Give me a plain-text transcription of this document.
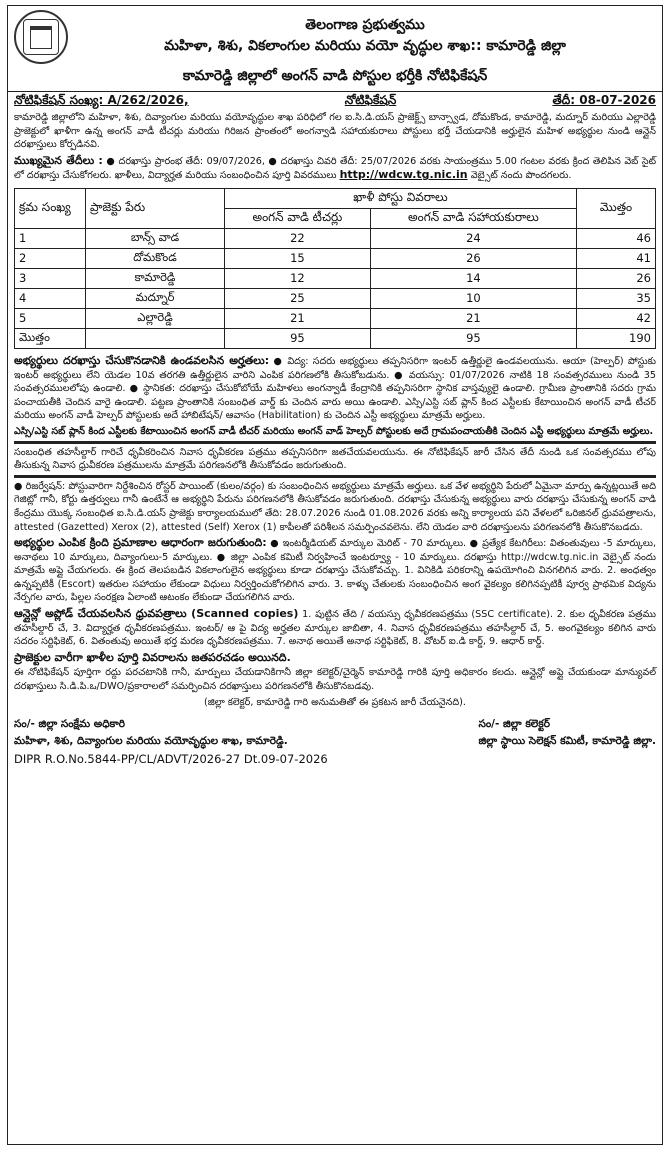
తెలంగాణ ప్రభుత్వము
మహిళా, శిశు, వికలాంగుల మరియు వయో వృద్ధుల శాఖ:: కామారెడ్డి జిల్లా
కామారెడ్డి జిల్లాలో అంగన్ వాడి పోస్టుల భర్తీకి నోటిఫికేషన్
నోటిఫికేషన్ సంఖ్య: A/262/2026,	నోటిఫికేషన్	తేదీ: 08-07-2026
కామారెడ్డి జిల్లాలోని మహిళా, శిశు, దివ్యాంగుల మరియు వయోవృద్ధుల శాఖ పరిధిలో గల ఐ.సి.డి.యస్ ప్రాజెక్ట్స్ బాన్స్వాడ, దోమకొండ, కామారెడ్డి, మద్నూర్ మరియు ఎల్లారెడ్డి ప్రాజెక్టులో ఖాళీగా ఉన్న అంగన్ వాడీ టీచర్లు మరియు గిరిజన ప్రాంతంలో అంగన్వాడి సహాయకురాలు పోస్టులు భర్తీ చేయడానికి అర్హులైన మహిళ అభ్యర్థుల నుండి ఆన్లైన్ దరఖాస్తులు కోర్పడినవి.
ముఖ్యమైన తేదీలు : ● దరఖాస్తు ప్రారంభ తేదీ: 09/07/2026, ● దరఖాస్తు చివరి తేదీ: 25/07/2026 వరకు సాయంత్రము 5.00 గంటల వరకు క్రింద తెలిపిన వెబ్ సైట్ లో దరఖాస్తు చేసుకోగలరు. ఖాళీలు, విద్యార్హత మరియు సంబంధించిన పూర్తి వివరములు http://wdcw.tg.nic.in వెబ్సైట్ నందు పొందగలరు.
క్రమ సంఖ్య	ప్రాజెక్టు పేరు	ఖాళీ పోస్టు వివరాలు		మొత్తం
		అంగన్ వాడి టీచర్లు	అంగన్ వాడి సహాయకురాలు	
1	బాన్స్ వాడ	22	24	46
2	దోమకొండ	15	26	41
3	కామారెడ్డి	12	14	26
4	మద్నూర్	25	10	35
5	ఎల్లారెడ్డి	21	21	42
మొత్తం		95	95	190
అభ్యర్థులు దరఖాస్తు చేసుకొనడానికి ఉండవలసిన అర్హతలు: ● విద్య: సదరు అభ్యర్థులు తప్పనిసరిగా ఇంటర్ ఉత్తీర్ణులై ఉండవలయును. ఆయా (హెల్పర్) పోస్టుకు ఇంటర్ అభ్యర్థులు లేని యెడల 10వ తరగతి ఉత్తీర్ణులైన వారిని ఎంపిక పరిగణలోకి తీసుకోబడును. ● వయస్సు: 01/07/2026 నాటికి 18 సంవత్సరములు నుండి 35 సంవత్సరములలోపు ఉండాలి. ● స్థానికత: దరఖాస్తు చేసుకోబోయే మహిళలు అంగన్వాడీ కేంద్రానికి తప్పనిసరిగా స్థానిక వాస్తవ్యులై ఉండాలి. గ్రామీణ ప్రాంతానికి సదరు గ్రామ పంచాయతీకి చెందిన వారై ఉండాలి. పట్టణ ప్రాంతానికి సంబంధిత వార్డ్ కు చెందిన వారు అయి ఉండాలి. ఎస్సి/ఎస్టి సబ్ ప్లాన్ కింద ఎస్టీలకు కేటాయించిన అంగన్ వాడీ టీచర్ మరియు అంగన్ వాడీ హెల్పర్ పోస్టులకు అదే హాబిటేషన్/ ఆవాసం (Habilitation) కు చెందిన ఎస్టీ అభ్యర్థులు మాత్రమే అర్హులు.
ఎస్సి/ఎస్టి సబ్ ప్లాన్ కింద ఎస్టీలకు కేటాయించిన అంగన్ వాడీ టీచర్ మరియు అంగన్ వాడ్ హెల్పర్ పోస్టులకు అదే గ్రామపంచాయతీకి చెందిన ఎస్టీ అభ్యర్థులు మాత్రమే అర్హులు.
సంబంధిత తహసీల్దార్ గారిచే ధృవీకరించిన నివాస ధృవీకరణ పత్రము తప్పనిసరిగా జతచేయవలయును. ఈ నోటిఫికేషన్ జారీ చేసిన తేదీ నుండి ఒక సంవత్సరము లోపు తీసుకున్న నివాస ధ్రువీకరణ పత్రములను మాత్రమే పరిగణనలోకి తీసుకోవడం జరుగుతుంది.
● రిజర్వేషన్: పోస్టువారిగా నిర్దేశించిన రోస్టర్ పాయింట్ (కులం/వర్గం) కు సంబంధించిన అభ్యర్థులు మాత్రమే అర్హులు. ఒక వేళ అభ్యర్థిని పేరులో ఏమైనా మార్పు ఉన్నట్లయితే అది గెజిట్లో గానీ, కోర్టు ఉత్తర్వులు గానీ ఉంటేనే ఆ అభ్యర్థిని పేరును పరిగణనలోకి తీసుకోవడం జరుగుతుంది. దరఖాస్తు చేసుకున్న అభ్యర్థులు వారు దరఖాస్తు చేసుకున్న అంగన్ వాడి కేంద్రము యొక్క సంబంధిత ఐ.సి.డి.యస్ ప్రాజెక్టు కార్యాలయములో తేది: 28.07.2026 నుండి 01.08.2026 వరకు అన్ని కార్యాలయ పని వేళలలో ఒరిజినల్ ధ్రువపత్రాలను, attested (Gazetted) Xerox (2), attested (Self) Xerox (1) కాపీలతో పరిశీలన సమర్పించవలెను. లేని యెడల వారి దరఖాస్తులను పరిగణనలోకి తీసుకొనబడదు.
అభ్యర్థుల ఎంపిక క్రింది ప్రమాణాల ఆధారంగా జరుగుతుంది: ● ఇంటర్మీడియట్ మార్కుల మెరిట్ - 70 మార్కులు. ● ప్రత్యేక కేటగిరీలు: వితంతువులు -5 మార్కులు, అనాథలు 10 మార్కులు, దివ్యాంగులు-5 మార్కులు. ● జిల్లా ఎంపిక కమిటీ నిర్వహించే ఇంటర్వ్యూ - 10 మార్కులు. దరఖాస్తు http://wdcw.tg.nic.in వెబ్సైట్ నందు మాత్రమే అప్లై చేయగలరు. ఈ క్రింద తెలపబడిన వికలాంగులైన అభ్యర్థులు కూడా దరఖాస్తు చేసుకోవచ్చు. 1. వినికిడి పరికరాన్ని ఉపయోగించి వినగలిగిన వారు. 2. అంధత్వం ఉన్నప్పటికీ (Escort) ఇతరుల సహాయం లేకుండా విధులు నిర్వర్తించుకోగలిగిన వారు. 3. కాళ్ళు చేతులకు సంబంధించిన అంగ వైకల్యం కలిగినప్పటికీ పూర్వ ప్రాథమిక విద్యను నేర్పగల వారు, పిల్లల సంరక్షణ ఏలాంటి ఆటంకం లేకుండా చేయగలిగిన వారు.
ఆన్లైన్లో అప్లోడ్ చేయవలసిన ధ్రువపత్రాలు (Scanned copies) 1. పుట్టిన తేది / వయస్సు ధృవీకరణపత్రము (SSC certificate). 2. కుల ధృవీకరణ పత్రము తహసీల్దార్ చే, 3. విద్యార్హత ధృవీకరణపత్రము. ఇంటర్/ ఆ పై విద్య అర్హతల మార్కుల జాబితా, 4. నివాస ధృవీకరణపత్రము తహసీల్దార్ చే, 5. అంగవైకల్యం కలిగిన వారు సదరం సర్టిఫికెట్, 6. వితంతువు అయితే భర్త మరణ ధృవీకరణపత్రము. 7. అనాథ అయితే అనాథ సర్టిఫికెట్, 8. వోటర్ ఐ.డి కార్డ్, 9. ఆధార్ కార్డ్.
ప్రాజెక్టుల వారీగా ఖాళీల పూర్తి వివరాలను జతపరచడం అయినది.
ఈ నోటిఫికేషన్ పూర్తిగా రద్దు పరచటానికి గానీ, మార్పులు చేయడానికిగానీ జిల్లా కలెక్టర్/చైర్మెన్ కామారెడ్డి గారికి పూర్తి అధికారం కలదు. ఆన్లైన్లో అప్లై చేయకుండా మాన్యువల్ దరఖాస్తులు సి.డి.పి.ఒ/DWO/ప్రకారాలలో సమర్పించిన దరఖాస్తులు పరిగణనలోకి తీసుకొనబడవు.
(జిల్లా కలెక్టర్, కామారెడ్డి గారి అనుమతితో ఈ ప్రకటన జారీ చేయనైనది).
సం/- జిల్లా సంక్షేమ అధికారి
మహిళా, శిశు, దివ్యాంగుల మరియు వయోవృద్ధుల శాఖ, కామారెడ్డి.
సం/- జిల్లా కలెక్టర్
జిల్లా స్థాయి సెలెక్షన్ కమిటీ, కామారెడ్డి జిల్లా.
DIPR R.O.No.5844-PP/CL/ADVT/2026-27 Dt.09-07-2026
